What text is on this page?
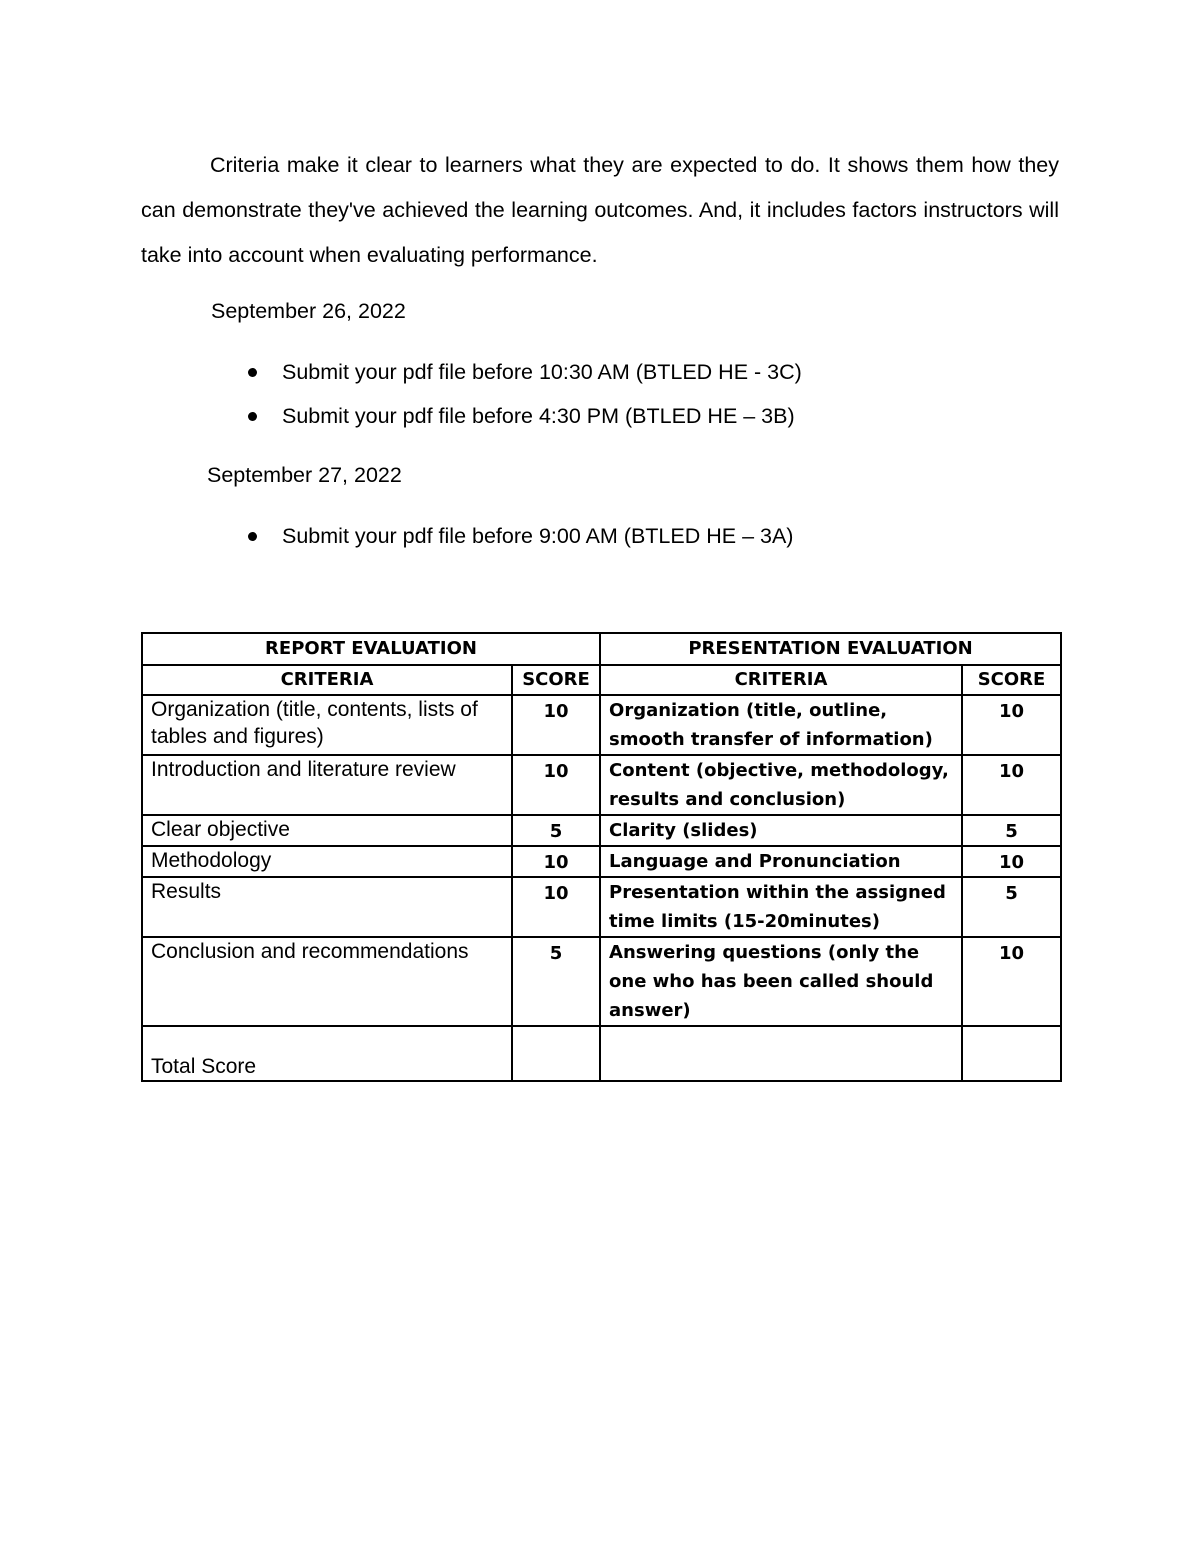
Criteria make it clear to learners what they are expected to do. It shows them how they can demonstrate they've achieved the learning outcomes. And, it includes factors instructors will take into account when evaluating performance.

September 26, 2022

Submit your pdf file before 10:30 AM (BTLED HE - 3C)
Submit your pdf file before 4:30 PM (BTLED HE – 3B)

September 27, 2022

Submit your pdf file before 9:00 AM (BTLED HE – 3A)
REPORT EVALUATION		PRESENTATION EVALUATION	
CRITERIA	SCORE	CRITERIA	SCORE
Organization (title, contents, lists of tables and figures)	10	Organization (title, outline, smooth transfer of information)	10
Introduction and literature review	10	Content (objective, methodology, results and conclusion)	10
Clear objective	5	Clarity (slides)	5
Methodology	10	Language and Pronunciation	10
Results	10	Presentation within the assigned time limits (15-20minutes)	5
Conclusion and recommendations	5	Answering questions (only the one who has been called should answer)	10
Total Score			
